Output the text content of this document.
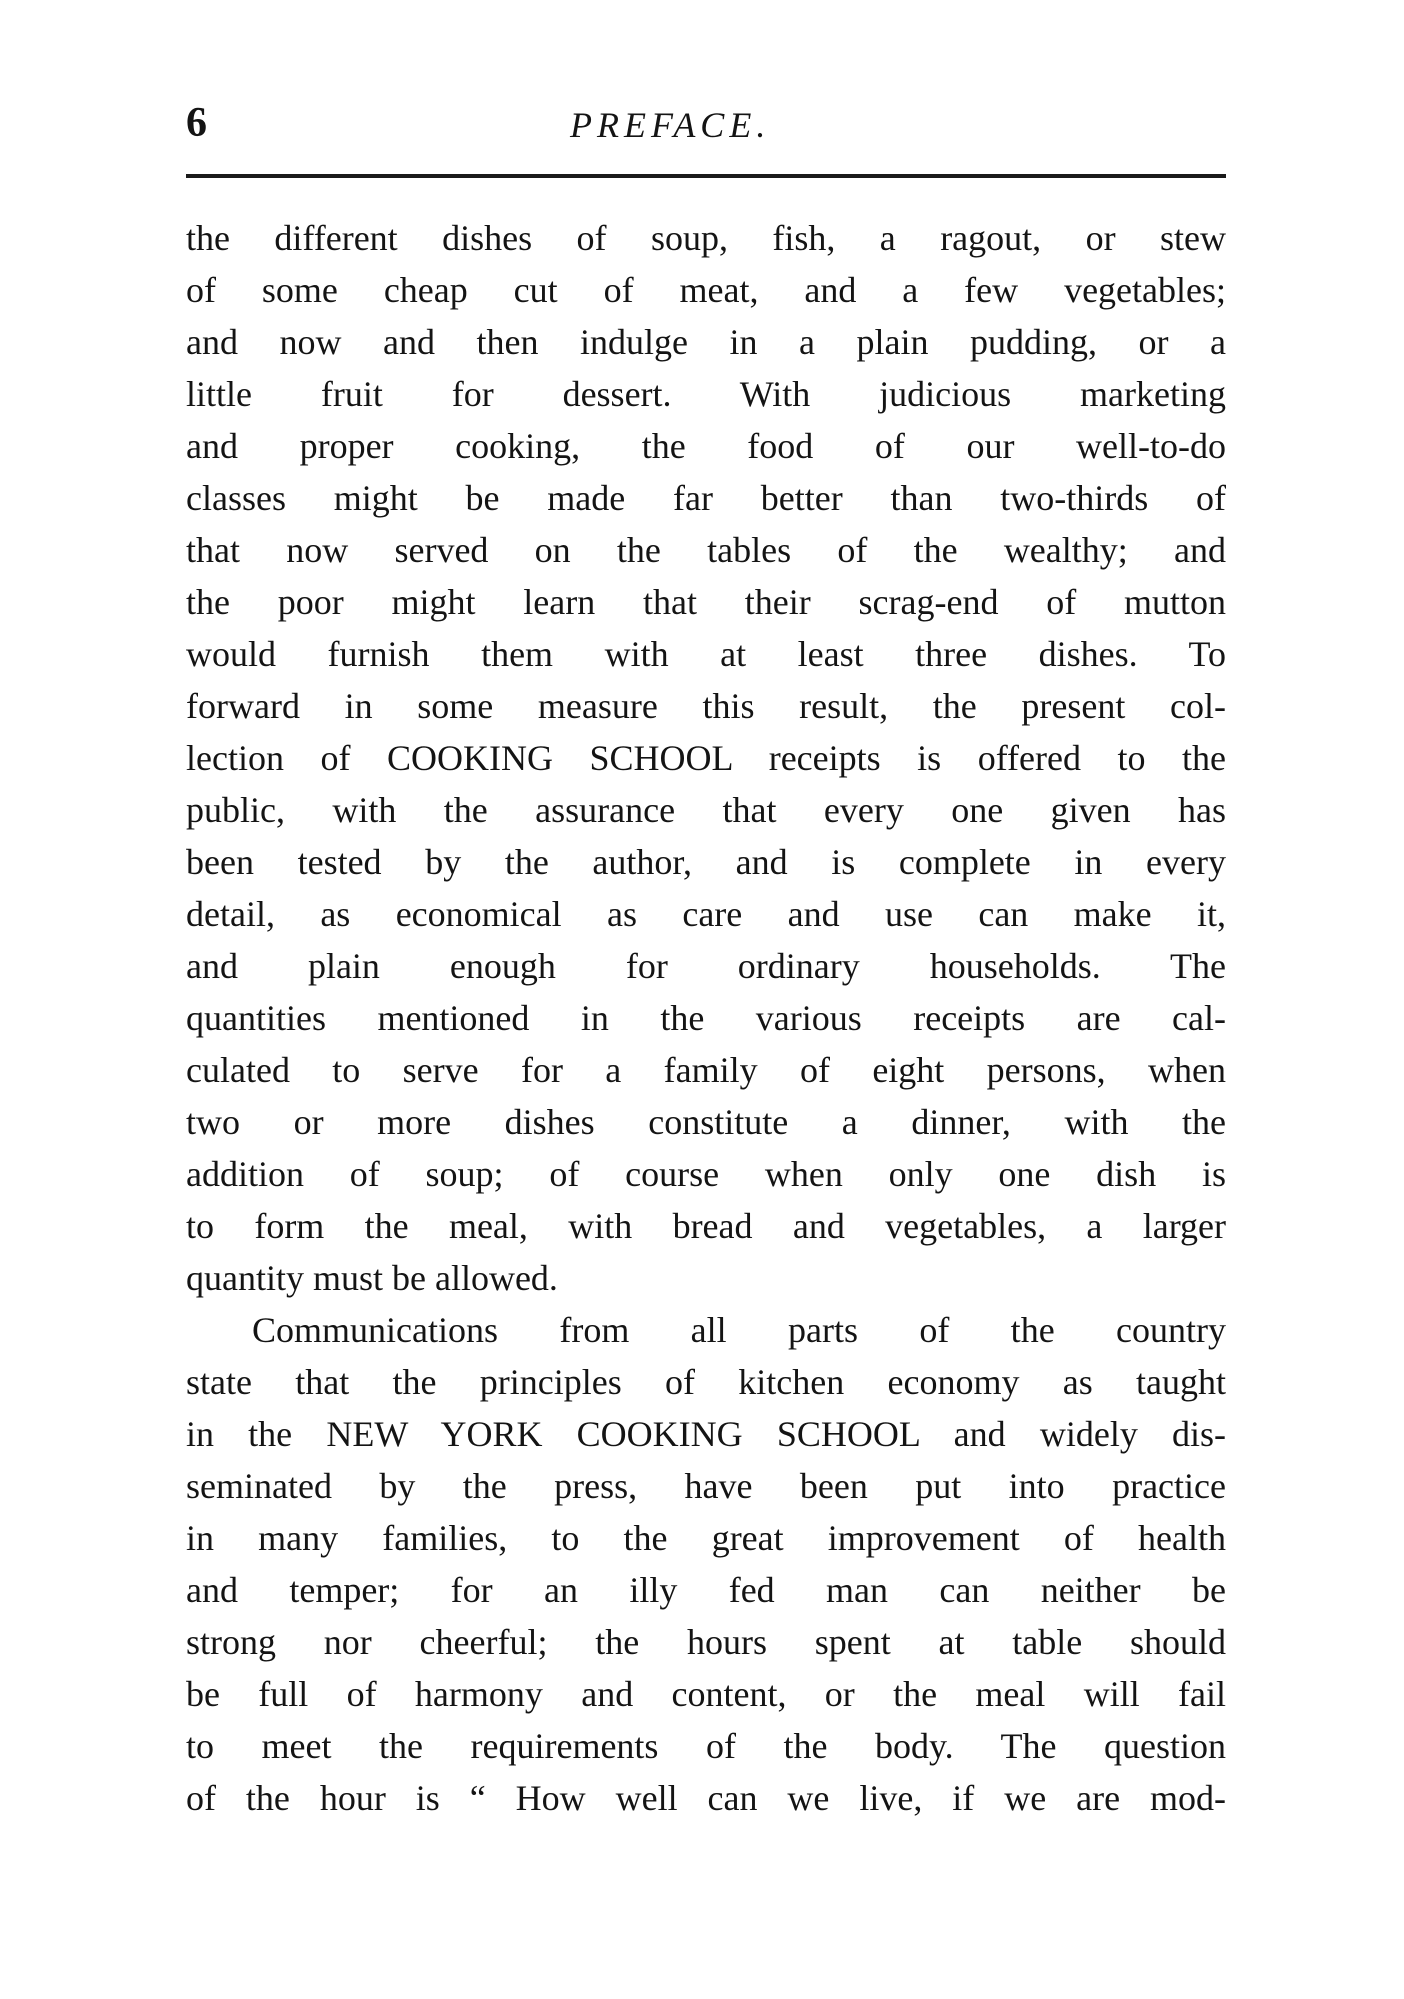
6	PREFACE.
the different dishes of soup, fish, a ragout, or stew
of some cheap cut of meat, and a few vegetables;
and now and then indulge in a plain pudding, or a
little fruit for dessert. With judicious marketing
and proper cooking, the food of our well-to-do
classes might be made far better than two-thirds of
that now served on the tables of the wealthy; and
the poor might learn that their scrag-end of mutton
would furnish them with at least three dishes. To
forward in some measure this result, the present col-
lection of COOKING SCHOOL receipts is offered to the
public, with the assurance that every one given has
been tested by the author, and is complete in every
detail, as economical as care and use can make it,
and plain enough for ordinary households. The
quantities mentioned in the various receipts are cal-
culated to serve for a family of eight persons, when
two or more dishes constitute a dinner, with the
addition of soup; of course when only one dish is
to form the meal, with bread and vegetables, a larger
quantity must be allowed.
Communications from all parts of the country
state that the principles of kitchen economy as taught
in the NEW YORK COOKING SCHOOL and widely dis-
seminated by the press, have been put into practice
in many families, to the great improvement of health
and temper; for an illy fed man can neither be
strong nor cheerful; the hours spent at table should
be full of harmony and content, or the meal will fail
to meet the requirements of the body. The question
of the hour is “ How well can we live, if we are mod-
